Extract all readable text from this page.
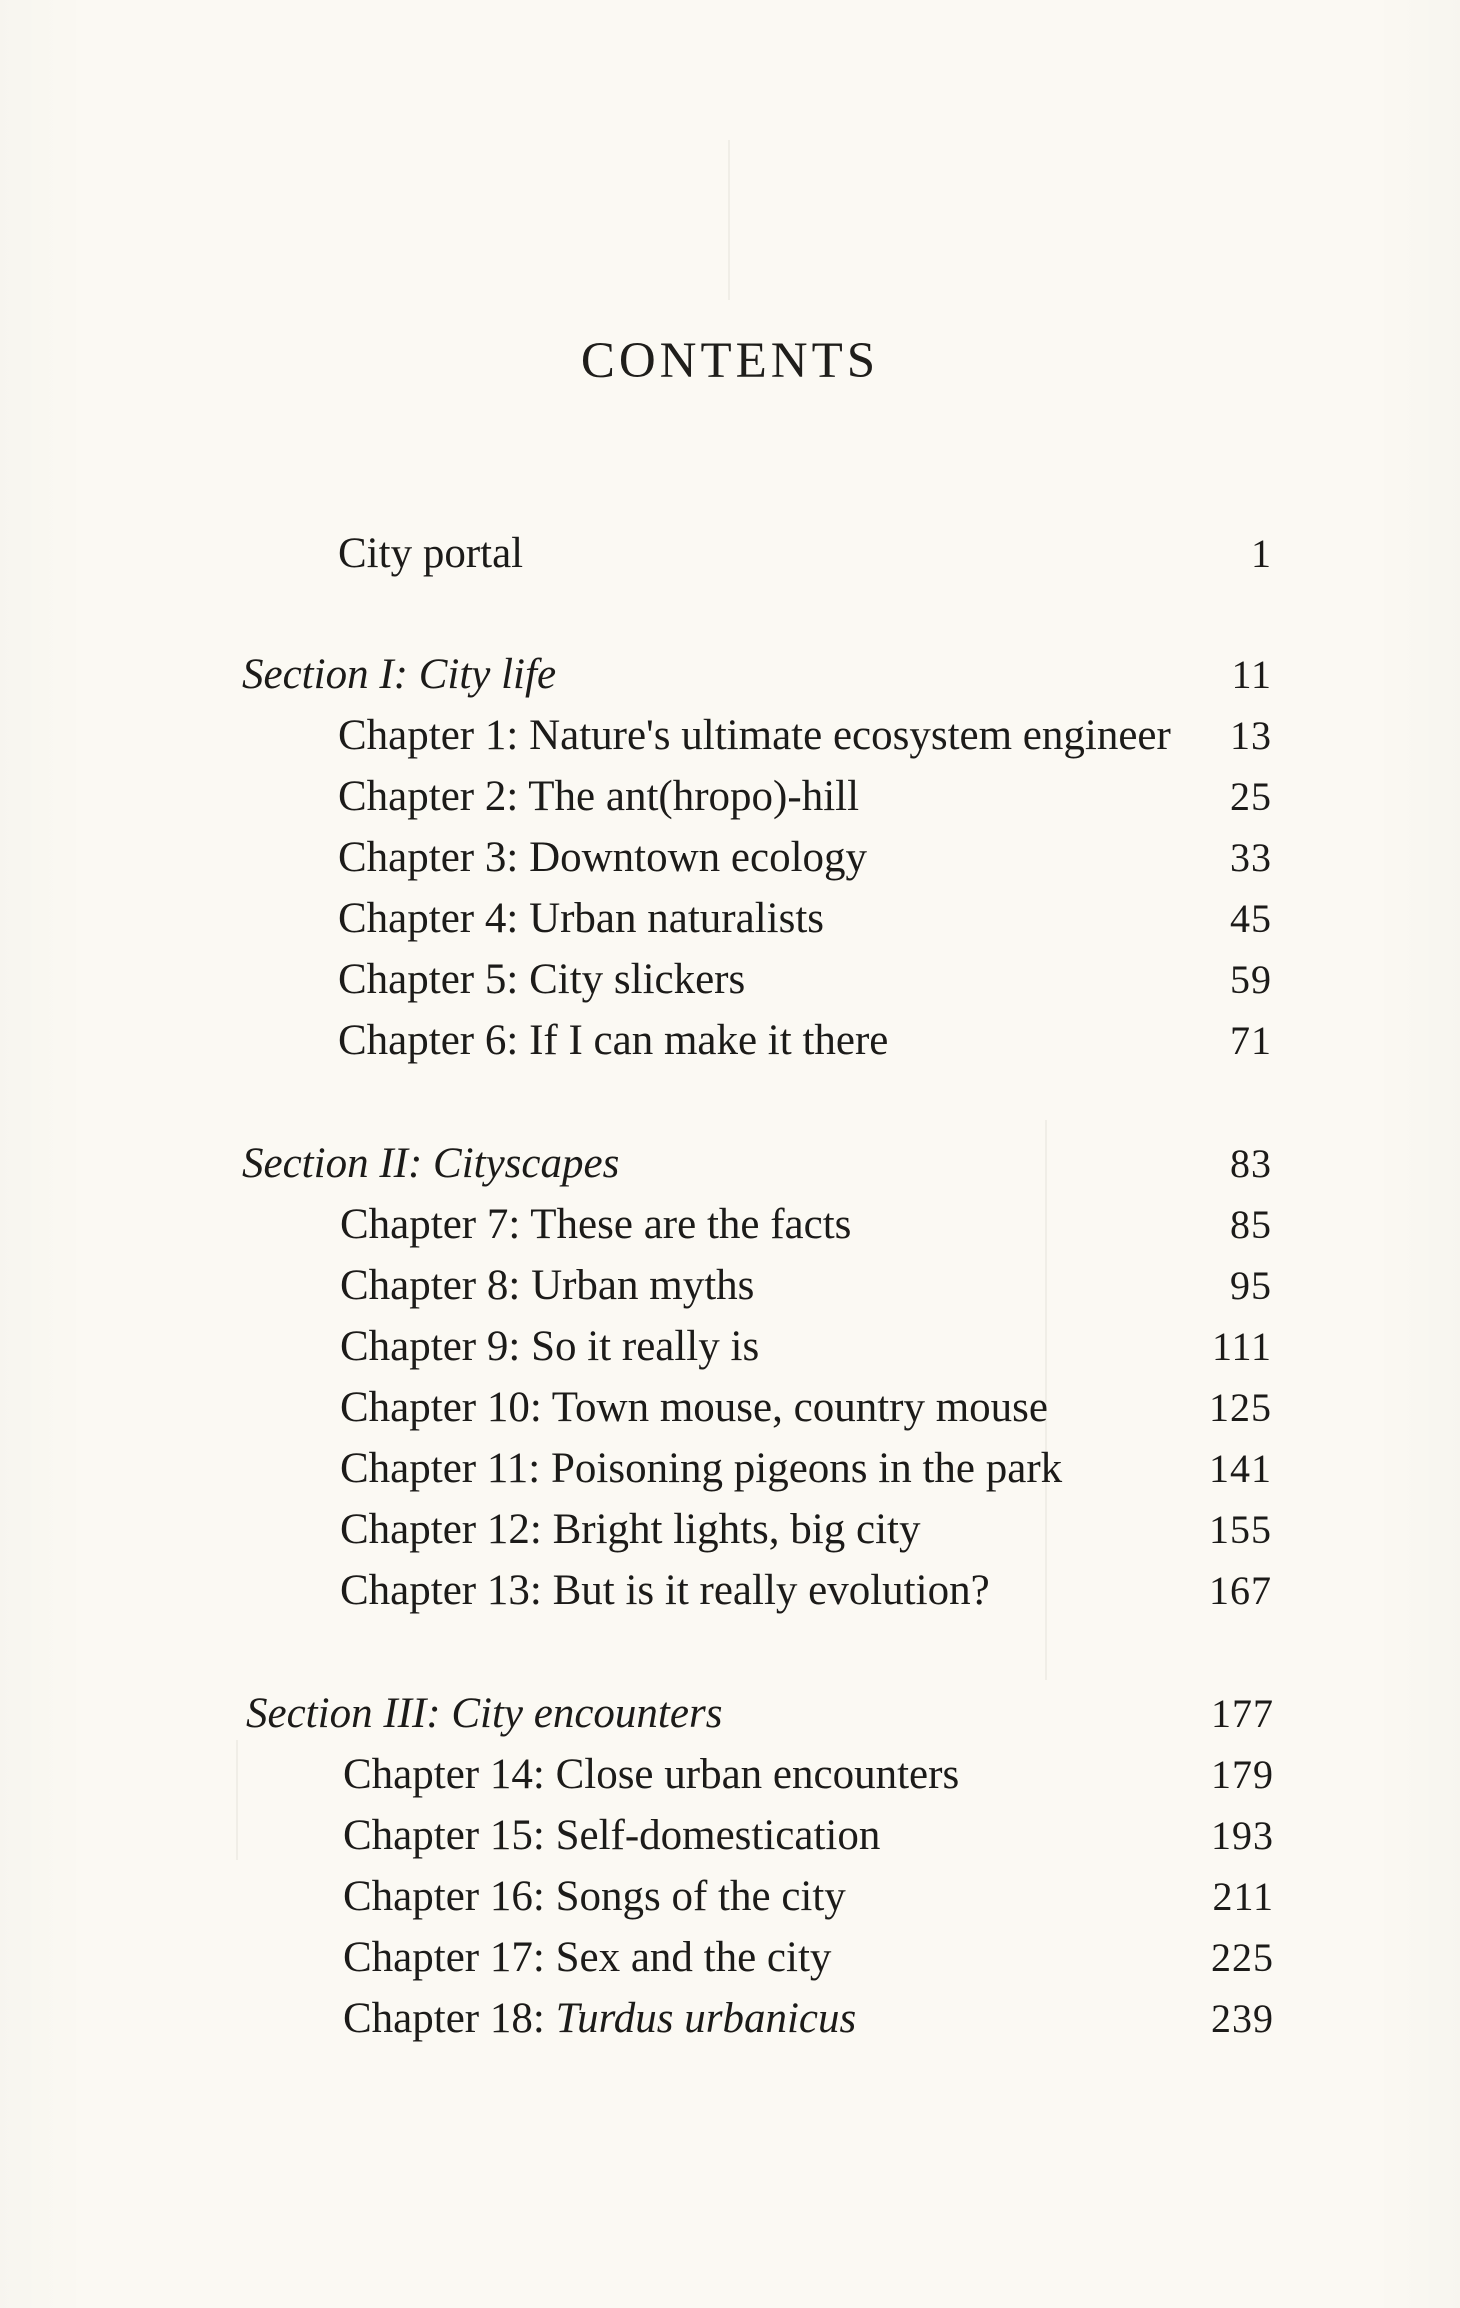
CONTENTS
City portal	1
Section I: City life	11
Chapter 1: Nature's ultimate ecosystem engineer 13
Chapter 2: The ant(hropo)-hill	25
Chapter 3: Downtown ecology	33
Chapter 4: Urban naturalists	45
Chapter 5: City slickers	59
Chapter 6: If I can make it there	71
Section II: Cityscapes	83
Chapter 7: These are the facts	85
Chapter 8: Urban myths	95
Chapter 9: So it really is	111
Chapter 10: Town mouse, country mouse	125
Chapter 11: Poisoning pigeons in the park	141
Chapter 12: Bright lights, big city	155
Chapter 13: But is it really evolution?	167
Section III: City encounters	177
Chapter 14: Close urban encounters	179
Chapter 15: Self-domestication	193
Chapter 16: Songs of the city	211
Chapter 17: Sex and the city	225
Chapter 18: Turdus urbanicus	239
